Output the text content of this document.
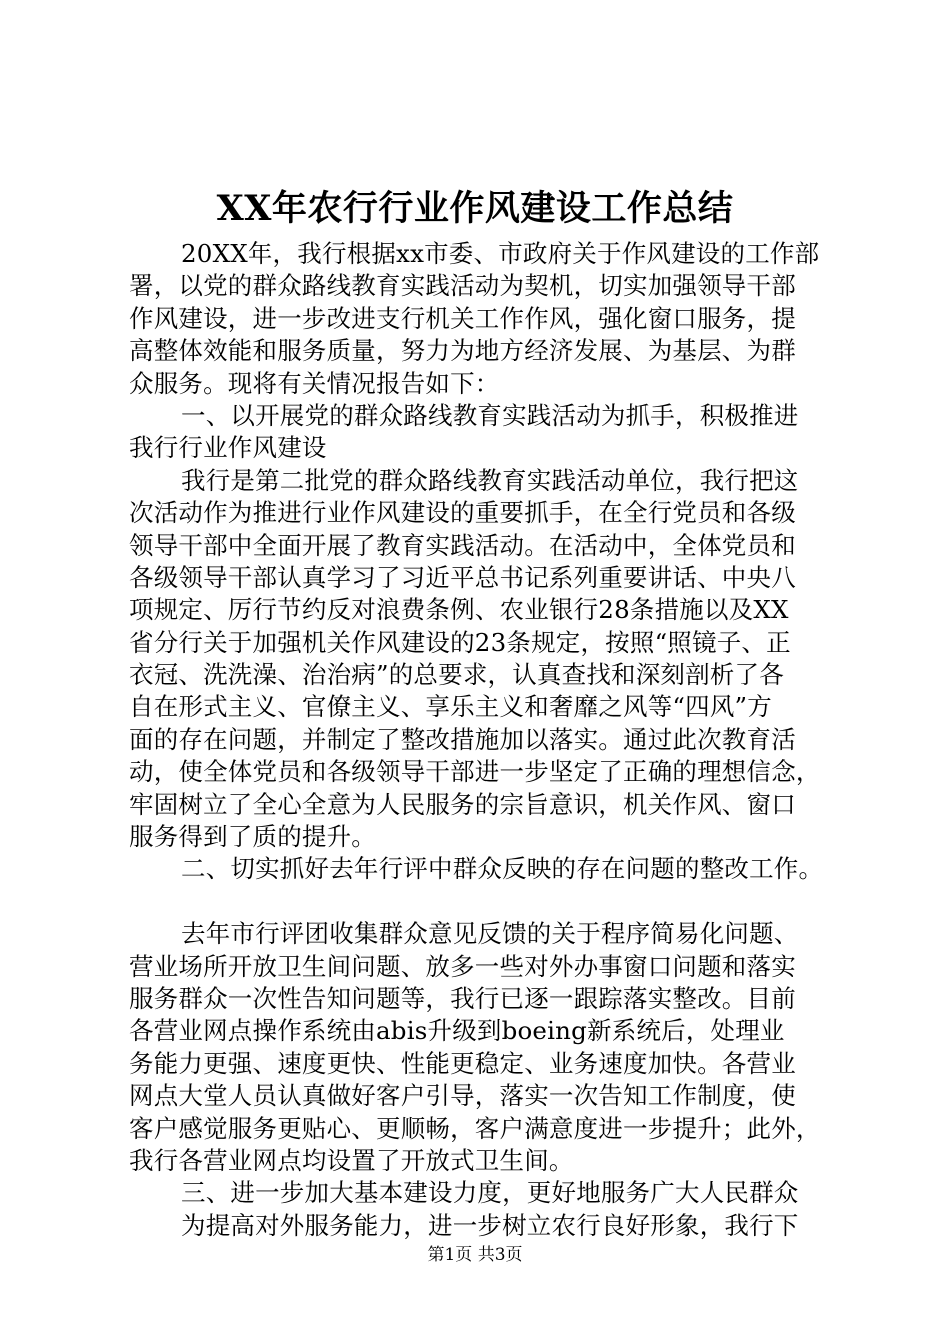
XX年农行行业作风建设工作总结
20XX年，我行根据xx市委、市政府关于作风建设的工作部
署，以党的群众路线教育实践活动为契机，切实加强领导干部
作风建设，进一步改进支行机关工作作风，强化窗口服务，提
高整体效能和服务质量，努力为地方经济发展、为基层、为群
众服务。现将有关情况报告如下：
一、以开展党的群众路线教育实践活动为抓手，积极推进
我行行业作风建设
我行是第二批党的群众路线教育实践活动单位，我行把这
次活动作为推进行业作风建设的重要抓手，在全行党员和各级
领导干部中全面开展了教育实践活动。在活动中，全体党员和
各级领导干部认真学习了习近平总书记系列重要讲话、中央八
项规定、厉行节约反对浪费条例、农业银行28条措施以及XX
省分行关于加强机关作风建设的23条规定，按照“照镜子、正
衣冠、洗洗澡、治治病”的总要求，认真查找和深刻剖析了各
自在形式主义、官僚主义、享乐主义和奢靡之风等“四风”方
面的存在问题，并制定了整改措施加以落实。通过此次教育活
动，使全体党员和各级领导干部进一步坚定了正确的理想信念，
牢固树立了全心全意为人民服务的宗旨意识，机关作风、窗口
服务得到了质的提升。
二、切实抓好去年行评中群众反映的存在问题的整改工作。
去年市行评团收集群众意见反馈的关于程序简易化问题、
营业场所开放卫生间问题、放多一些对外办事窗口问题和落实
服务群众一次性告知问题等，我行已逐一跟踪落实整改。目前
各营业网点操作系统由abis升级到boeing新系统后，处理业
务能力更强、速度更快、性能更稳定、业务速度加快。各营业
网点大堂人员认真做好客户引导，落实一次告知工作制度，使
客户感觉服务更贴心、更顺畅，客户满意度进一步提升；此外，
我行各营业网点均设置了开放式卫生间。
三、进一步加大基本建设力度，更好地服务广大人民群众
为提高对外服务能力，进一步树立农行良好形象，我行下
第1页 共3页
